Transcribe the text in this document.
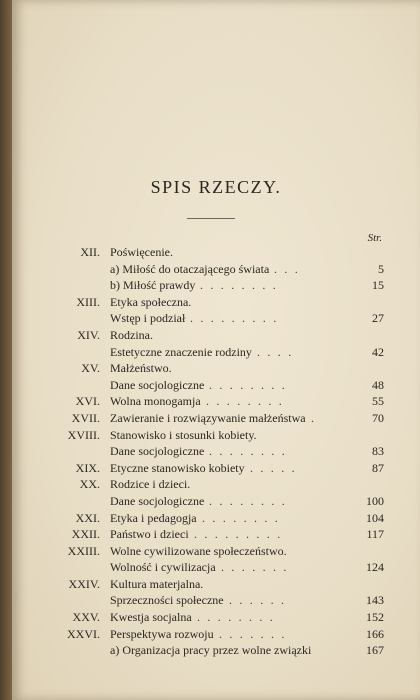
SPIS RZECZY.
Str.
XII. Poświęcenie.
a) Miłość do otaczającego świata . . .	5
b) Miłość prawdy . . . . . . . .	15
XIII. Etyka społeczna.
Wstęp i podział . . . . . . . . .	27
XIV. Rodzina.
Estetyczne znaczenie rodziny . . . .	42
XV. Małżeństwo.
Dane socjologiczne . . . . . . . .	48
XVI. Wolna monogamja . . . . . . . .	55
XVII. Zawieranie i rozwiązywanie małżeństwa .	70
XVIII. Stanowisko i stosunki kobiety.
Dane socjologiczne . . . . . . . .	83
XIX. Etyczne stanowisko kobiety . . . . .	87
XX. Rodzice i dzieci.
Dane socjologiczne . . . . . . . .	100
XXI. Etyka i pedagogja . . . . . . . .	104
XXII. Państwo i dzieci . . . . . . . . .	117
XXIII. Wolne cywilizowane społeczeństwo.
Wolność i cywilizacja . . . . . . .	124
XXIV. Kultura materjalna.
Sprzeczności społeczne . . . . . .	143
XXV. Kwestja socjalna . . . . . . . .	152
XXVI. Perspektywa rozwoju . . . . . . .	166
a) Organizacja pracy przez wolne związki	167
